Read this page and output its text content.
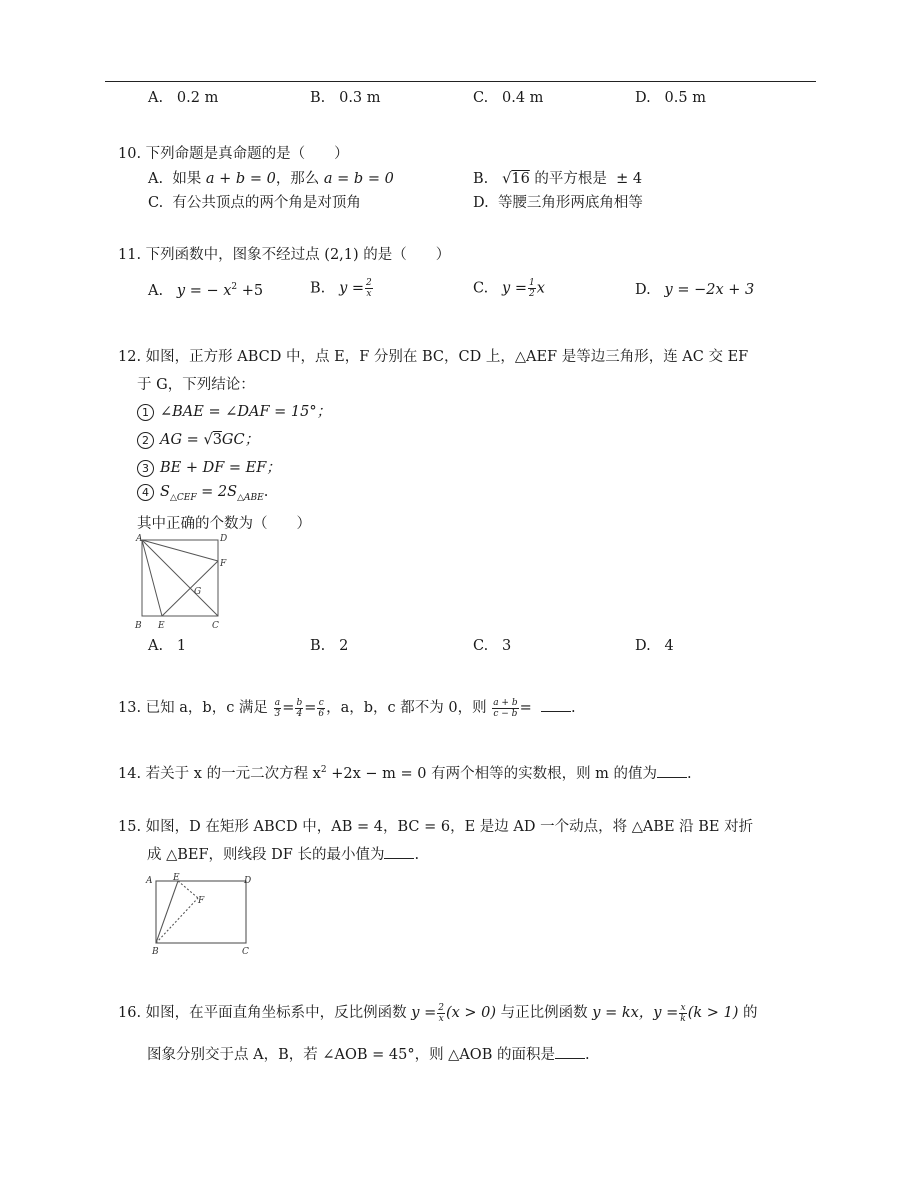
A. 0.2 m	B. 0.3 m	C. 0.4 m	D. 0.5 m
10. 下列命题是真命题的是（　　）
A. 如果 a + b = 0，那么 a = b = 0	B.   √16 的平方根是 ± 4
C. 有公共顶点的两个角是对顶角	D. 等腰三角形两底角相等
11. 下列函数中，图象不经过点 (2,1) 的是（　　）
A. y = − $x^2 +5$	B. $y = \frac{2}{x}$	C. $y = \frac{1}{2}$ x	D. y = −2x + 3
12. 如图，正方形 ABCD 中，点 E，F 分别在 BC，CD 上，△AEF 是等边三角形，连 AC 交 EF
于 G，下列结论：
1 ∠BAE = ∠DAF = 15°；
2 AG = √3GC；
3 BE + DF = EF；
4 $S_{\triangle CEF} = 2S_{\triangle ABE}$.
其中正确的个数为（　　）
A	D
F
G
B E	C
A. 1	B. 2	C. 3	D. 4
13. 已知 a，b，c 满足 $\frac{a}{3} = \frac{b}{4} = \frac{c}{6}$ ，a，b，c 都不为 0，则 $\frac{a + b}{c - b}$ =	.
14. 若关于 x 的一元二次方程 $x^2 +2x - m = 0$ 有两个相等的实数根，则 m 的值为 .
15. 如图，D 在矩形 ABCD 中，AB = 4，BC = 6，E 是边 AD 一个动点，将 △ABE 沿 BE 对折
成 △BEF，则线段 DF 长的最小值为 .
A E	D
F
B	C
16. 如图，在平面直角坐标系中，反比例函数 $y = \frac{2}{x} (x > 0)$ 与正比例函数 y = kx，$y = \frac{x}{k} (k > 1)$ 的
图象分别交于点 A，B，若 ∠AOB = 45°，则 △AOB 的面积是 .
